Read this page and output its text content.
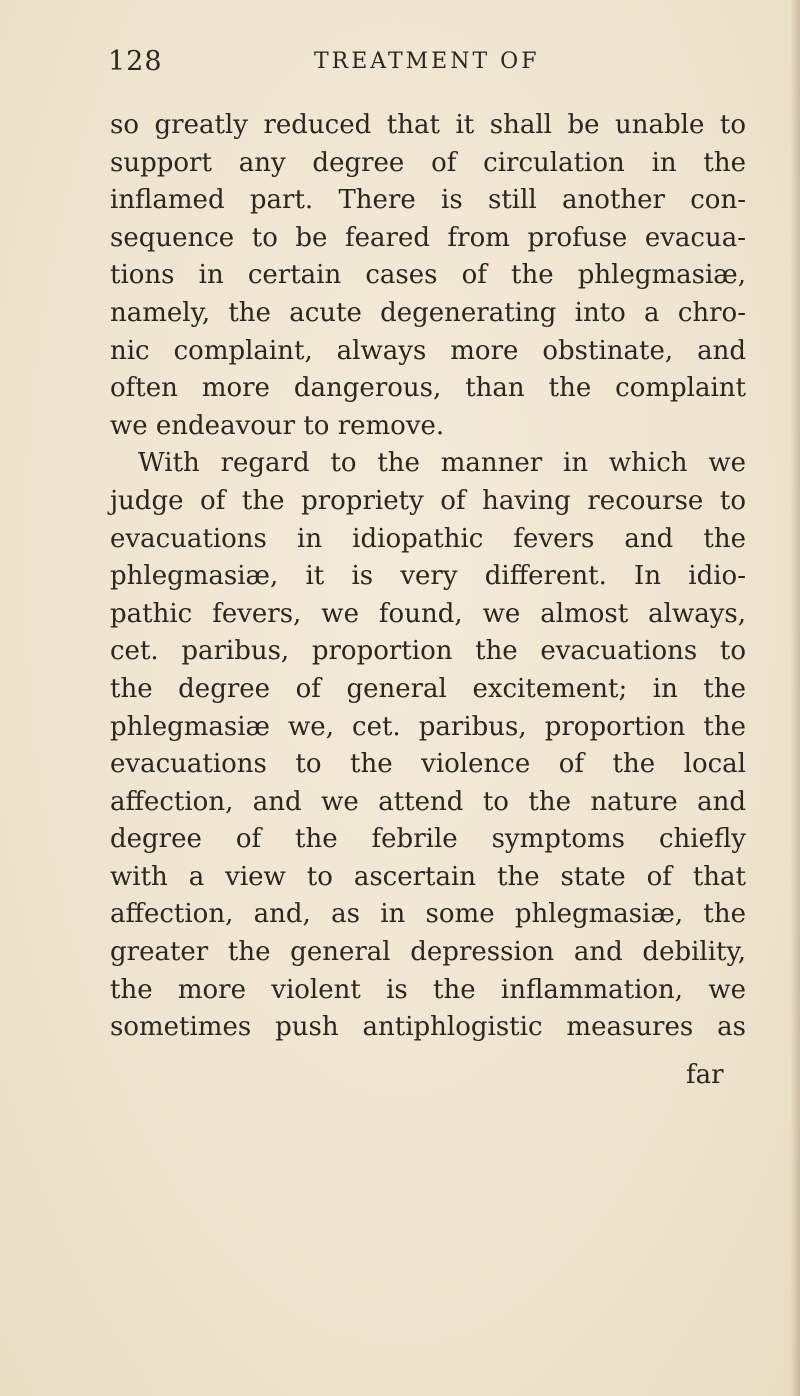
128	TREATMENT OF
so greatly reduced that it shall be unable to
support any degree of circulation in the
inflamed part. There is still another con-
sequence to be feared from profuse evacua-
tions in certain cases of the phlegmasiæ,
namely, the acute degenerating into a chro-
nic complaint, always more obstinate, and
often more dangerous, than the complaint
we endeavour to remove.
With regard to the manner in which we
judge of the propriety of having recourse to
evacuations in idiopathic fevers and the
phlegmasiæ, it is very different. In idio-
pathic fevers, we found, we almost always,
cet. paribus, proportion the evacuations to
the degree of general excitement; in the
phlegmasiæ we, cet. paribus, proportion the
evacuations to the violence of the local
affection, and we attend to the nature and
degree of the febrile symptoms chiefly
with a view to ascertain the state of that
affection, and, as in some phlegmasiæ, the
greater the general depression and debility,
the more violent is the inflammation, we
sometimes push antiphlogistic measures as
far
